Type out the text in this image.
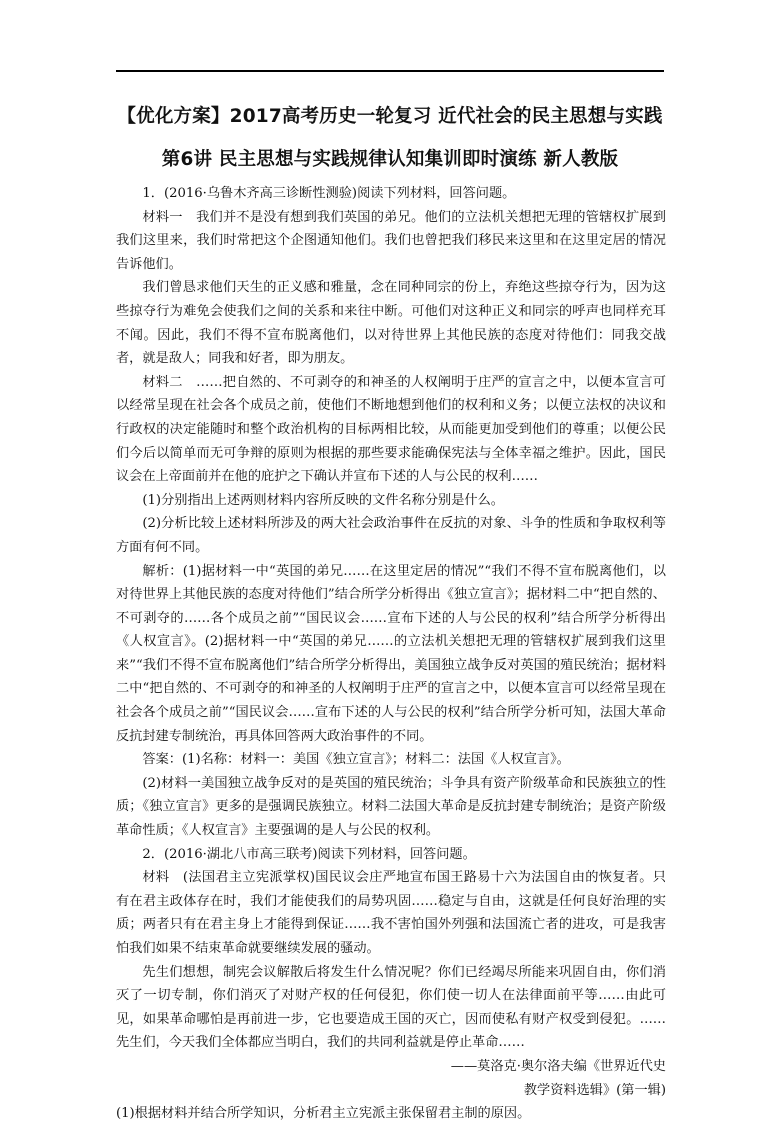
【优化方案】2017高考历史一轮复习 近代社会的民主思想与实践
第6讲 民主思想与实践规律认知集训即时演练 新人教版

1．(2016·乌鲁木齐高三诊断性测验)阅读下列材料，回答问题。

材料一　我们并不是没有想到我们英国的弟兄。他们的立法机关想把无理的管辖权扩展到我们这里来，我们时常把这个企图通知他们。我们也曾把我们移民来这里和在这里定居的情况告诉他们。

我们曾恳求他们天生的正义感和雅量，念在同种同宗的份上，弃绝这些掠夺行为，因为这些掠夺行为难免会使我们之间的关系和来往中断。可他们对这种正义和同宗的呼声也同样充耳不闻。因此，我们不得不宣布脱离他们，以对待世界上其他民族的态度对待他们：同我交战者，就是敌人；同我和好者，即为朋友。

材料二　……把自然的、不可剥夺的和神圣的人权阐明于庄严的宣言之中，以便本宣言可以经常呈现在社会各个成员之前，使他们不断地想到他们的权利和义务；以便立法权的决议和行政权的决定能随时和整个政治机构的目标两相比较，从而能更加受到他们的尊重；以便公民们今后以简单而无可争辩的原则为根据的那些要求能确保宪法与全体幸福之维护。因此，国民议会在上帝面前并在他的庇护之下确认并宣布下述的人与公民的权利……

(1)分别指出上述两则材料内容所反映的文件名称分别是什么。

(2)分析比较上述材料所涉及的两大社会政治事件在反抗的对象、斗争的性质和争取权利等方面有何不同。

解析：(1)据材料一中“英国的弟兄……在这里定居的情况”“我们不得不宣布脱离他们，以对待世界上其他民族的态度对待他们”结合所学分析得出《独立宣言》；据材料二中“把自然的、不可剥夺的……各个成员之前”“国民议会……宣布下述的人与公民的权利”结合所学分析得出《人权宣言》。(2)据材料一中“英国的弟兄……的立法机关想把无理的管辖权扩展到我们这里来”“我们不得不宣布脱离他们”结合所学分析得出，美国独立战争反对英国的殖民统治；据材料二中“把自然的、不可剥夺的和神圣的人权阐明于庄严的宣言之中，以便本宣言可以经常呈现在社会各个成员之前”“国民议会……宣布下述的人与公民的权利”结合所学分析可知，法国大革命反抗封建专制统治，再具体回答两大政治事件的不同。

答案：(1)名称：材料一：美国《独立宣言》；材料二：法国《人权宣言》。

(2)材料一美国独立战争反对的是英国的殖民统治；斗争具有资产阶级革命和民族独立的性质；《独立宣言》更多的是强调民族独立。材料二法国大革命是反抗封建专制统治；是资产阶级革命性质；《人权宣言》主要强调的是人与公民的权利。

2．(2016·湖北八市高三联考)阅读下列材料，回答问题。

材料　(法国君主立宪派掌权)国民议会庄严地宣布国王路易十六为法国自由的恢复者。只有在君主政体存在时，我们才能使我们的局势巩固……稳定与自由，这就是任何良好治理的实质；两者只有在君主身上才能得到保证……我不害怕国外列强和法国流亡者的进攻，可是我害怕我们如果不结束革命就要继续发展的骚动。

先生们想想，制宪会议解散后将发生什么情况呢？你们已经竭尽所能来巩固自由，你们消灭了一切专制，你们消灭了对财产权的任何侵犯，你们使一切人在法律面前平等……由此可见，如果革命哪怕是再前进一步，它也要造成王国的灭亡，因而使私有财产权受到侵犯。……先生们，今天我们全体都应当明白，我们的共同利益就是停止革命……

——莫洛克·奥尔洛夫编《世界近代史

教学资料选辑》(第一辑)

(1)根据材料并结合所学知识，分析君主立宪派主张保留君主制的原因。
